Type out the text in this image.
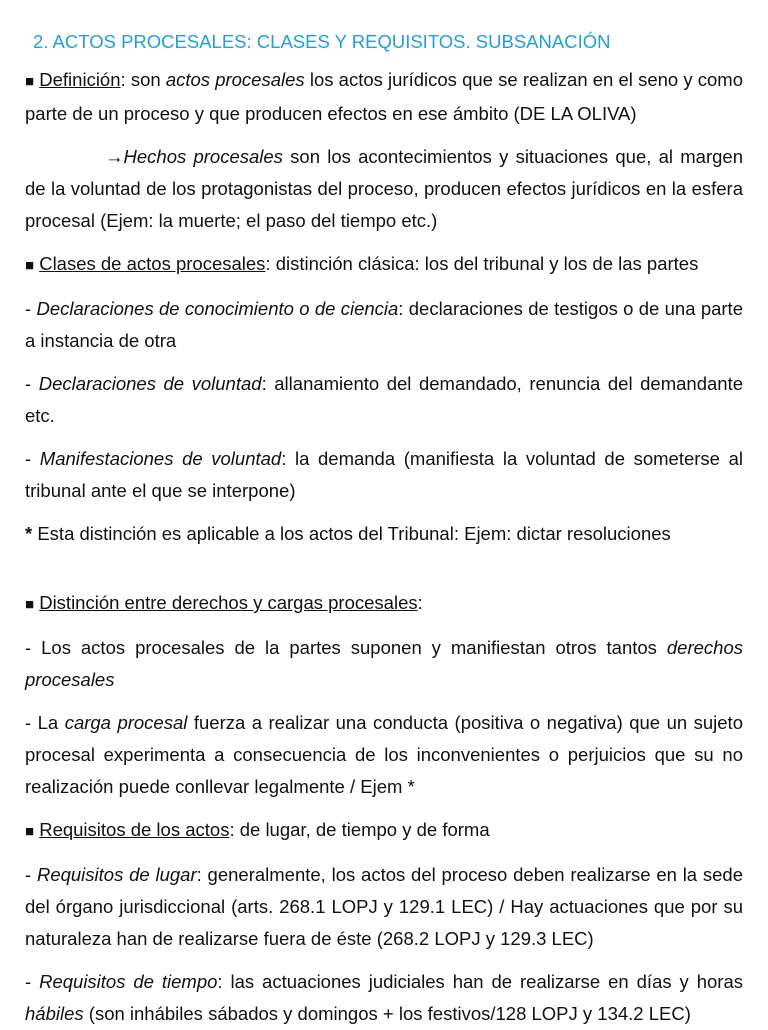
2. ACTOS PROCESALES: CLASES Y REQUISITOS. SUBSANACIÓN

■ Definición: son actos procesales los actos jurídicos que se realizan en el seno y como parte de un proceso y que producen efectos en ese ámbito (DE LA OLIVA)

→Hechos procesales son los acontecimientos y situaciones que, al margen de la voluntad de los protagonistas del proceso, producen efectos jurídicos en la esfera procesal (Ejem: la muerte; el paso del tiempo etc.)

■ Clases de actos procesales: distinción clásica: los del tribunal y los de las partes

- Declaraciones de conocimiento o de ciencia: declaraciones de testigos o de una parte a instancia de otra

- Declaraciones de voluntad: allanamiento del demandado, renuncia del demandante etc.

- Manifestaciones de voluntad: la demanda (manifiesta la voluntad de someterse al tribunal ante el que se interpone)

* Esta distinción es aplicable a los actos del Tribunal: Ejem: dictar resoluciones

■ Distinción entre derechos y cargas procesales:

- Los actos procesales de la partes suponen y manifiestan otros tantos derechos procesales

- La carga procesal fuerza a realizar una conducta (positiva o negativa) que un sujeto procesal experimenta a consecuencia de los inconvenientes o perjuicios que su no realización puede conllevar legalmente / Ejem *

■ Requisitos de los actos: de lugar, de tiempo y de forma

- Requisitos de lugar: generalmente, los actos del proceso deben realizarse en la sede del órgano jurisdiccional (arts. 268.1 LOPJ y 129.1 LEC) / Hay actuaciones que por su naturaleza han de realizarse fuera de éste (268.2 LOPJ y 129.3 LEC)

- Requisitos de tiempo: las actuaciones judiciales han de realizarse en días y horas hábiles (son inhábiles sábados y domingos + los festivos/128 LOPJ y 134.2 LEC)
